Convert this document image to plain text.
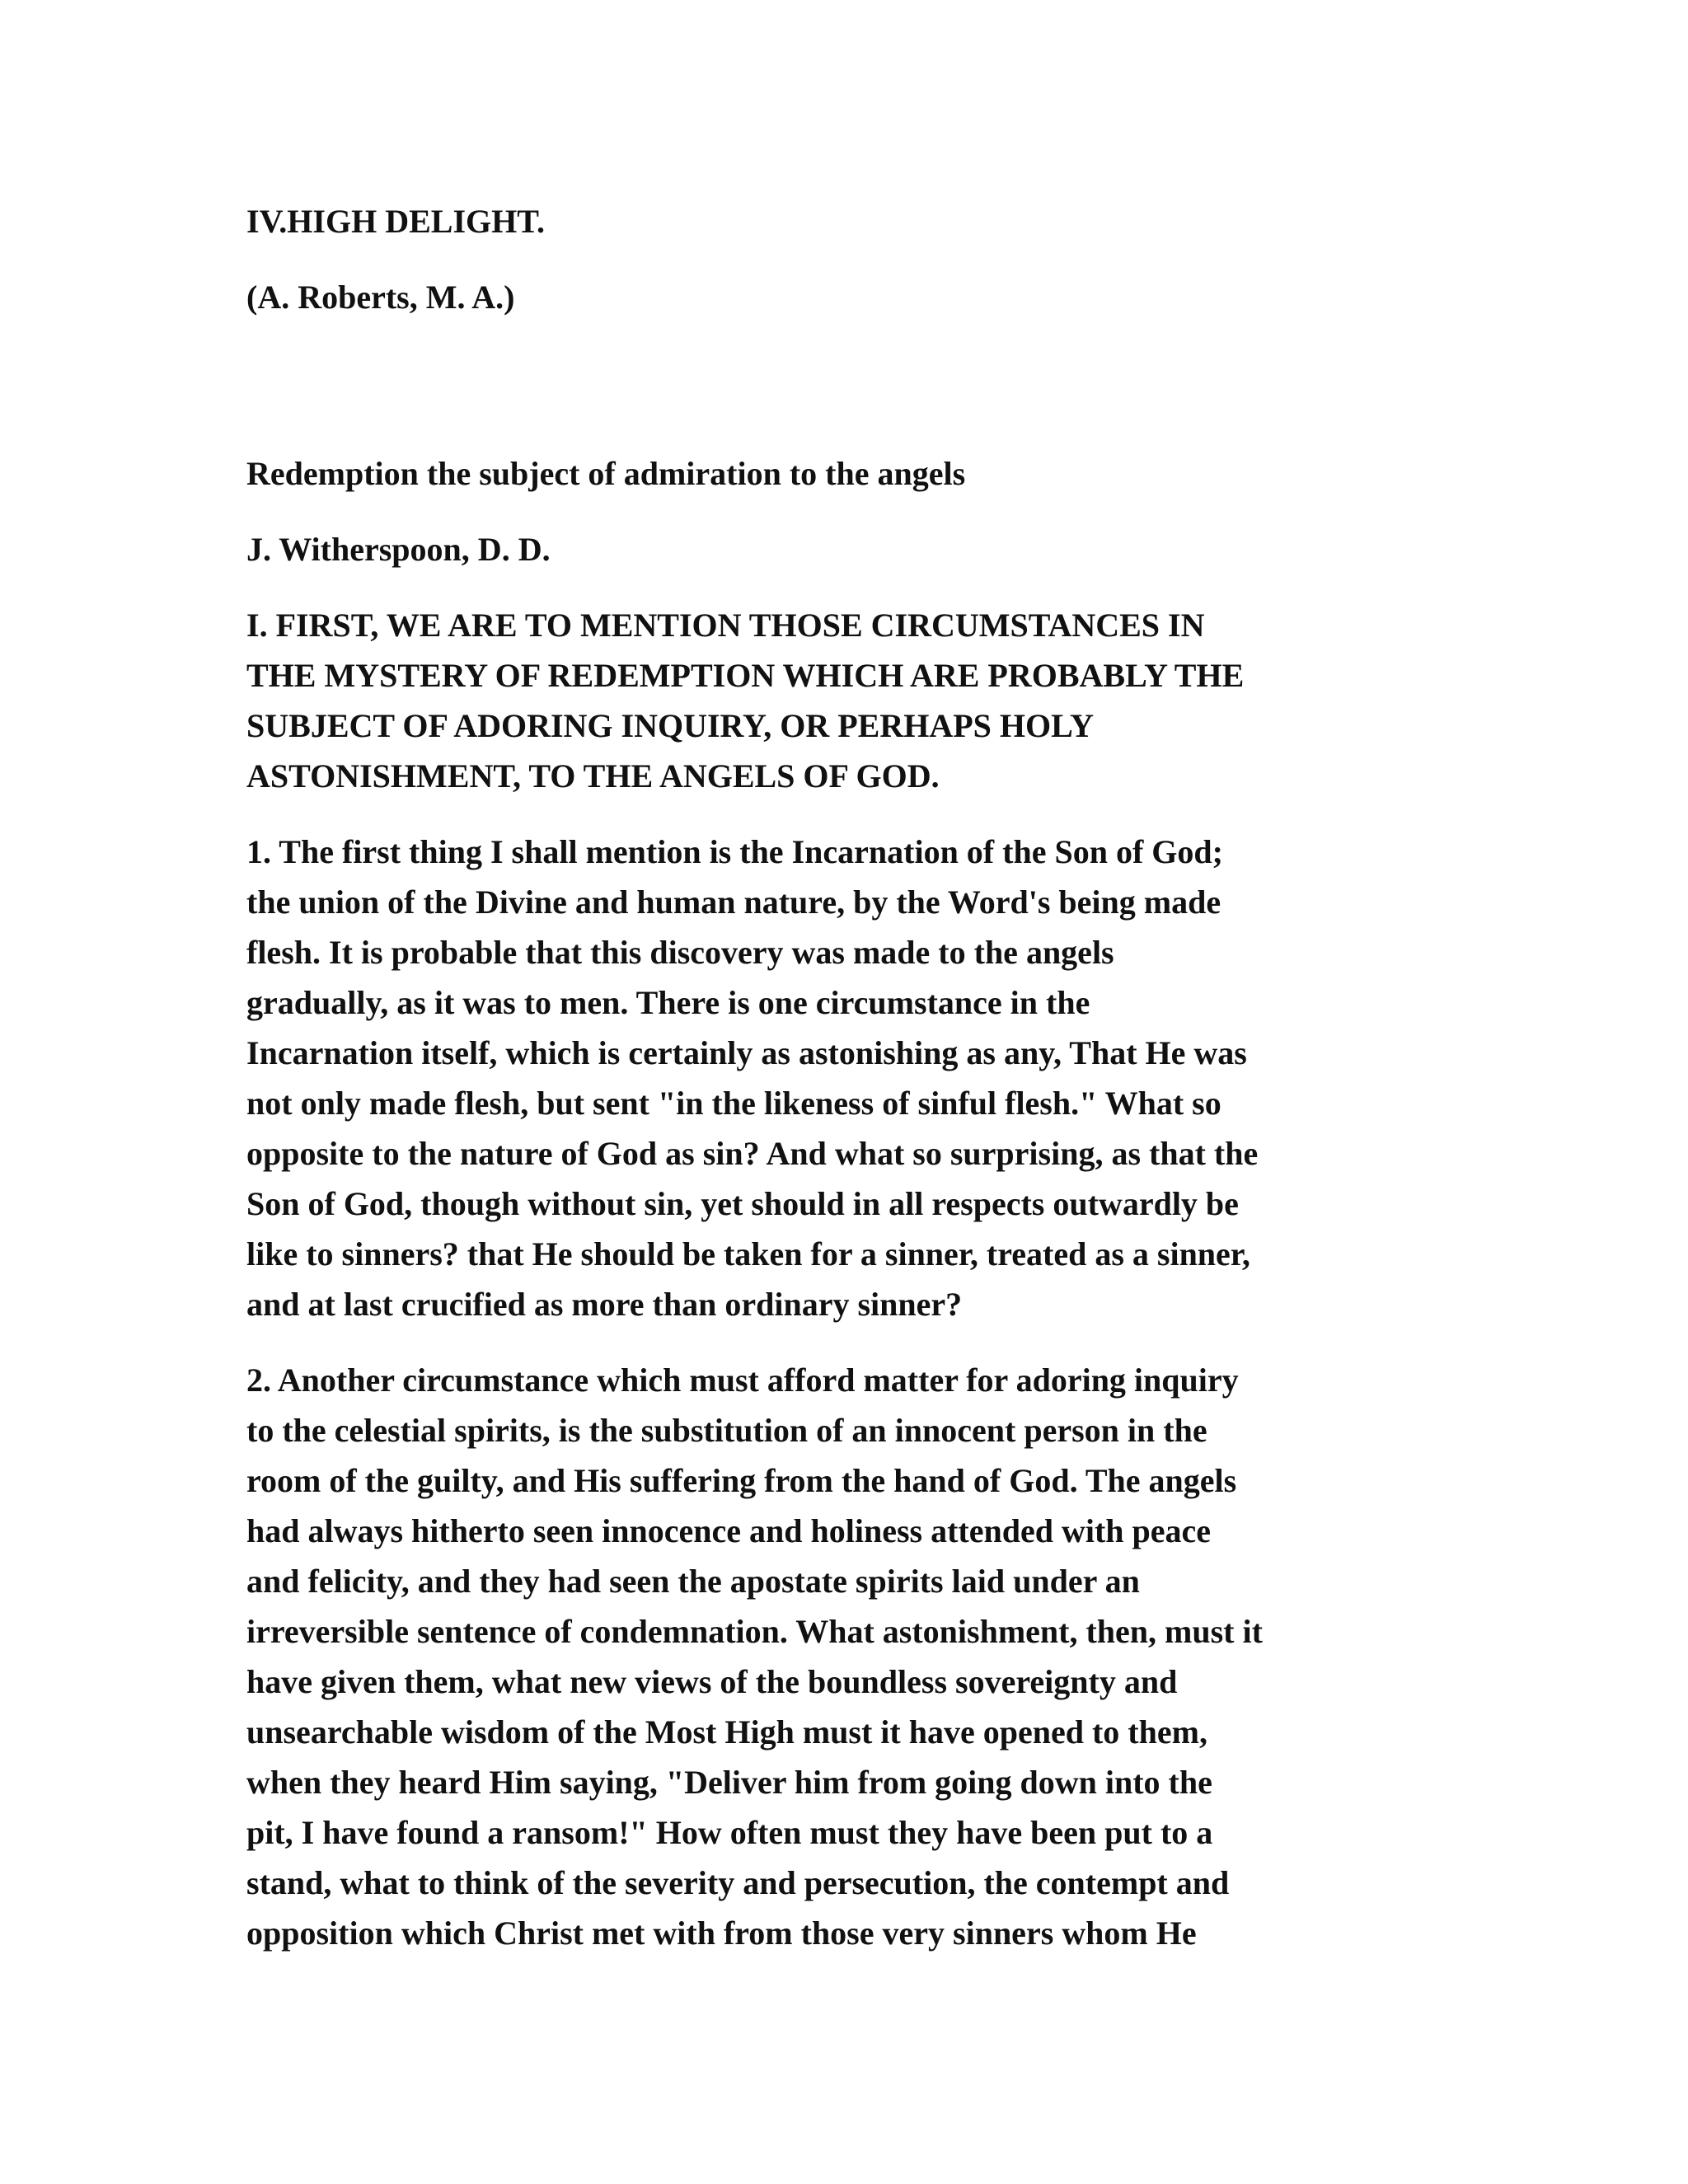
IV.HIGH DELIGHT.

(A. Roberts, M. A.)

Redemption the subject of admiration to the angels

J. Witherspoon, D. D.

I. FIRST, WE ARE TO MENTION THOSE CIRCUMSTANCES IN
THE MYSTERY OF REDEMPTION WHICH ARE PROBABLY THE
SUBJECT OF ADORING INQUIRY, OR PERHAPS HOLY
ASTONISHMENT, TO THE ANGELS OF GOD.

1. The first thing I shall mention is the Incarnation of the Son of God;
the union of the Divine and human nature, by the Word's being made
flesh. It is probable that this discovery was made to the angels
gradually, as it was to men. There is one circumstance in the
Incarnation itself, which is certainly as astonishing as any, That He was
not only made flesh, but sent "in the likeness of sinful flesh." What so
opposite to the nature of God as sin? And what so surprising, as that the
Son of God, though without sin, yet should in all respects outwardly be
like to sinners? that He should be taken for a sinner, treated as a sinner,
and at last crucified as more than ordinary sinner?

2. Another circumstance which must afford matter for adoring inquiry
to the celestial spirits, is the substitution of an innocent person in the
room of the guilty, and His suffering from the hand of God. The angels
had always hitherto seen innocence and holiness attended with peace
and felicity, and they had seen the apostate spirits laid under an
irreversible sentence of condemnation. What astonishment, then, must it
have given them, what new views of the boundless sovereignty and
unsearchable wisdom of the Most High must it have opened to them,
when they heard Him saying, "Deliver him from going down into the
pit, I have found a ransom!" How often must they have been put to a
stand, what to think of the severity and persecution, the contempt and
opposition which Christ met with from those very sinners whom He
